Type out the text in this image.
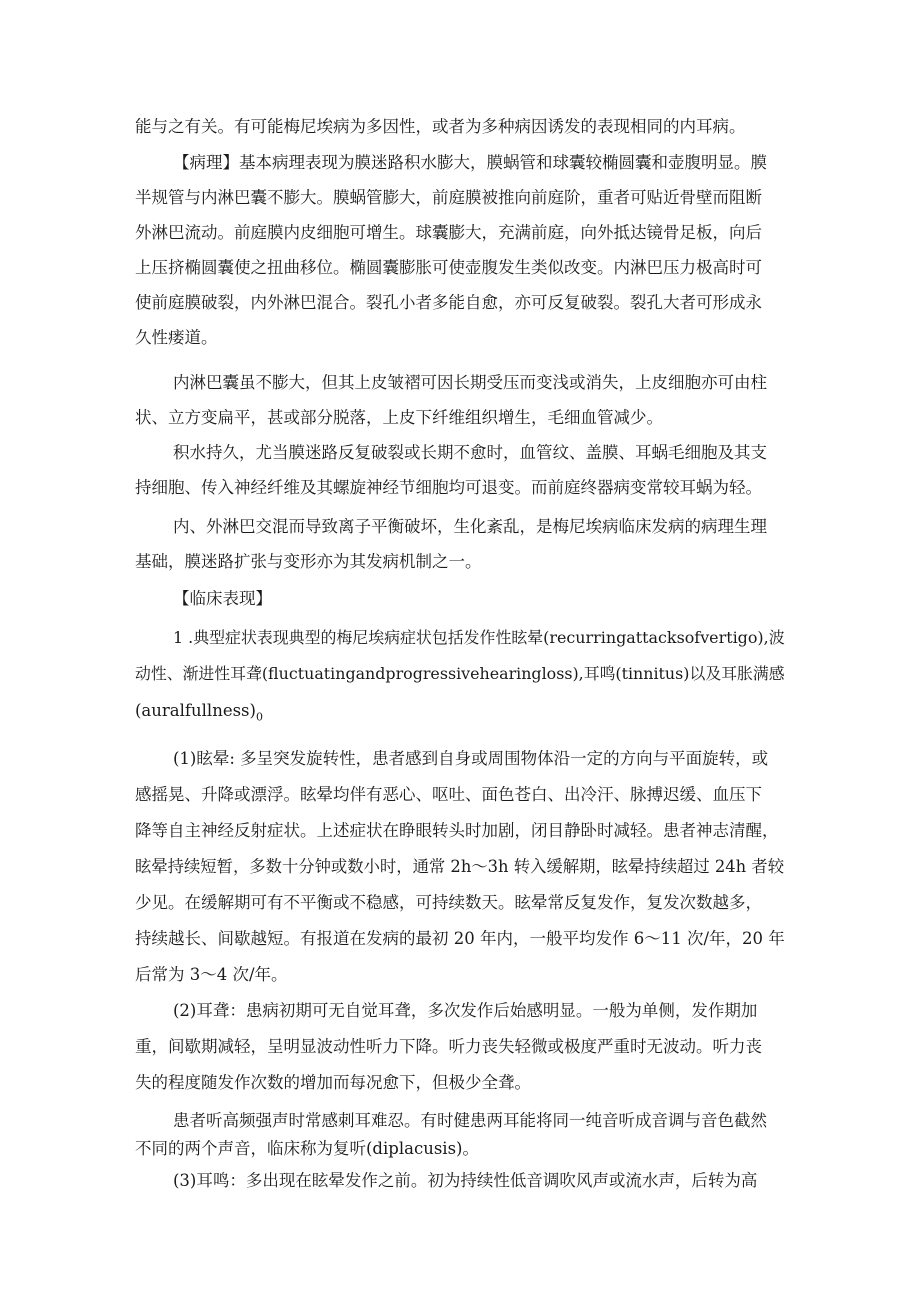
能与之有关。有可能梅尼埃病为多因性，或者为多种病因诱发的表现相同的内耳病。

【病理】基本病理表现为膜迷路积水膨大，膜蜗管和球囊较椭圆囊和壶腹明显。膜

半规管与内淋巴囊不膨大。膜蜗管膨大，前庭膜被推向前庭阶，重者可贴近骨壁而阻断

外淋巴流动。前庭膜内皮细胞可增生。球囊膨大，充满前庭，向外抵达镜骨足板，向后

上压挤椭圆囊使之扭曲移位。椭圆囊膨胀可使壶腹发生类似改变。内淋巴压力极高时可

使前庭膜破裂，内外淋巴混合。裂孔小者多能自愈，亦可反复破裂。裂孔大者可形成永

久性瘘道。

内淋巴囊虽不膨大，但其上皮皱褶可因长期受压而变浅或消失，上皮细胞亦可由柱

状、立方变扁平，甚或部分脱落，上皮下纤维组织增生，毛细血管减少。

积水持久，尤当膜迷路反复破裂或长期不愈时，血管纹、盖膜、耳蜗毛细胞及其支

持细胞、传入神经纤维及其螺旋神经节细胞均可退变。而前庭终器病变常较耳蜗为轻。

内、外淋巴交混而导致离子平衡破坏，生化紊乱，是梅尼埃病临床发病的病理生理

基础，膜迷路扩张与变形亦为其发病机制之一。

【临床表现】

1 .典型症状表现典型的梅尼埃病症状包括发作性眩晕(recurringattacksofvertigo),波

动性、渐进性耳聋(fluctuatingandprogressivehearingloss),耳鸣(tinnitus)以及耳胀满感

$(auralfullness)_0$

(1)眩晕: 多呈突发旋转性，患者感到自身或周围物体沿一定的方向与平面旋转，或

感摇晃、升降或漂浮。眩晕均伴有恶心、呕吐、面色苍白、出冷汗、脉搏迟缓、血压下

降等自主神经反射症状。上述症状在睁眼转头时加剧，闭目静卧时减轻。患者神志清醒，

眩晕持续短暂，多数十分钟或数小时，通常 2h～3h 转入缓解期，眩晕持续超过 24h 者较

少见。在缓解期可有不平衡或不稳感，可持续数天。眩晕常反复发作，复发次数越多，

持续越长、间歇越短。有报道在发病的最初 20 年内，一般平均发作 6～11 次/年，20 年

后常为 3～4 次/年。

(2)耳聋：患病初期可无自觉耳聋，多次发作后始感明显。一般为单侧，发作期加

重，间歇期减轻，呈明显波动性听力下降。听力丧失轻微或极度严重时无波动。听力丧

失的程度随发作次数的增加而每况愈下，但极少全聋。

患者听高频强声时常感刺耳难忍。有时健患两耳能将同一纯音听成音调与音色截然

不同的两个声音，临床称为复听(diplacusis)。

(3)耳鸣：多出现在眩晕发作之前。初为持续性低音调吹风声或流水声，后转为高
